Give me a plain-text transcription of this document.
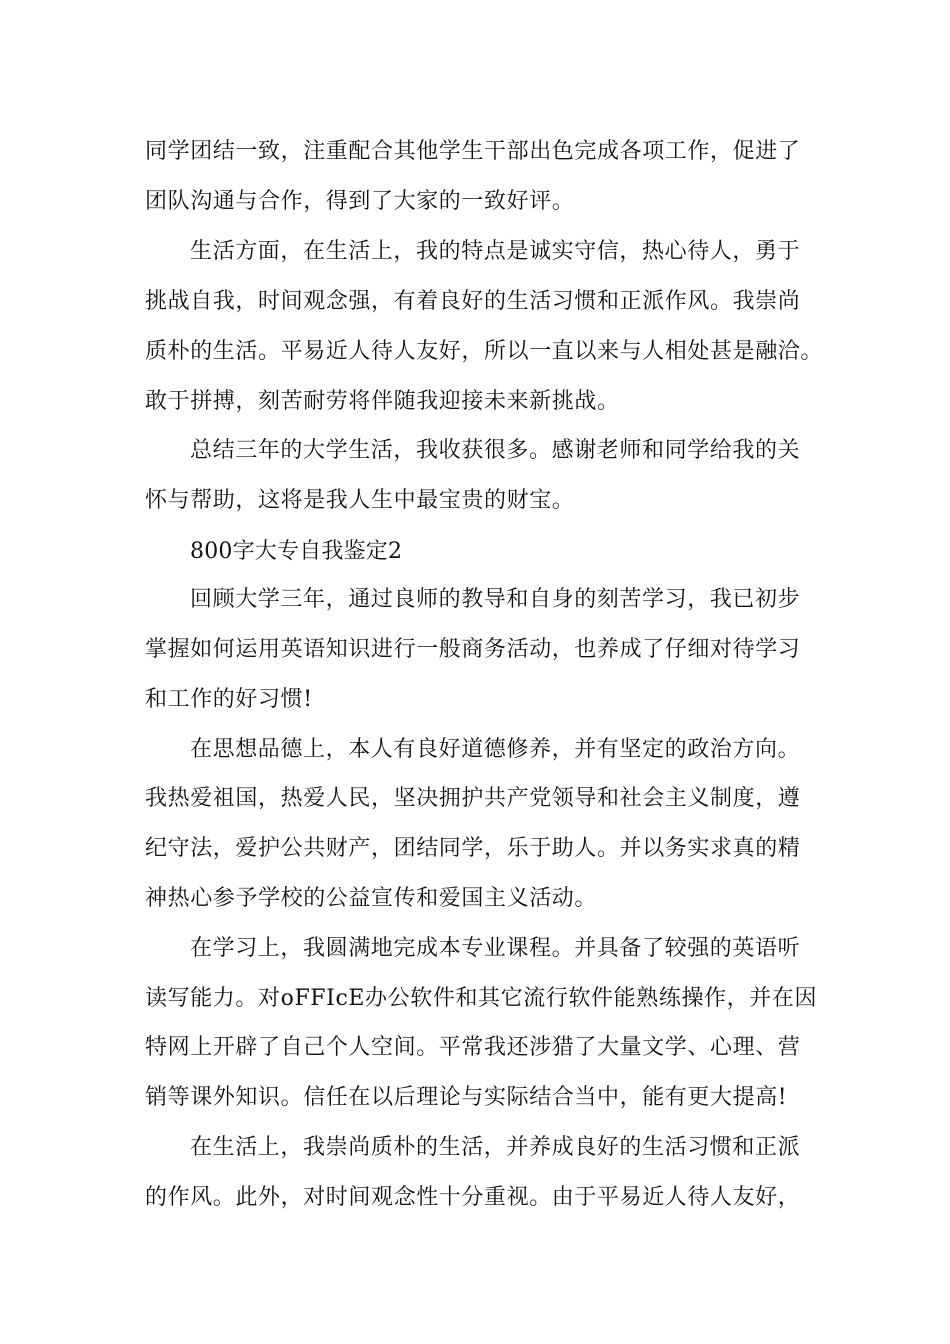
同学团结一致，注重配合其他学生干部出色完成各项工作，促进了
团队沟通与合作，得到了大家的一致好评。
生活方面，在生活上，我的特点是诚实守信，热心待人，勇于
挑战自我，时间观念强，有着良好的生活习惯和正派作风。我崇尚
质朴的生活。平易近人待人友好，所以一直以来与人相处甚是融洽。
敢于拼搏，刻苦耐劳将伴随我迎接未来新挑战。
总结三年的大学生活，我收获很多。感谢老师和同学给我的关
怀与帮助，这将是我人生中最宝贵的财宝。
800字大专自我鉴定2
回顾大学三年，通过良师的教导和自身的刻苦学习，我已初步
掌握如何运用英语知识进行一般商务活动，也养成了仔细对待学习
和工作的好习惯!
在思想品德上，本人有良好道德修养，并有坚定的政治方向。
我热爱祖国，热爱人民，坚决拥护共产党领导和社会主义制度，遵
纪守法，爱护公共财产，团结同学，乐于助人。并以务实求真的精
神热心参予学校的公益宣传和爱国主义活动。
在学习上，我圆满地完成本专业课程。并具备了较强的英语听
读写能力。对oFFIcE办公软件和其它流行软件能熟练操作，并在因
特网上开辟了自己个人空间。平常我还涉猎了大量文学、心理、营
销等课外知识。信任在以后理论与实际结合当中，能有更大提高!
在生活上，我崇尚质朴的生活，并养成良好的生活习惯和正派
的作风。此外，对时间观念性十分重视。由于平易近人待人友好，
